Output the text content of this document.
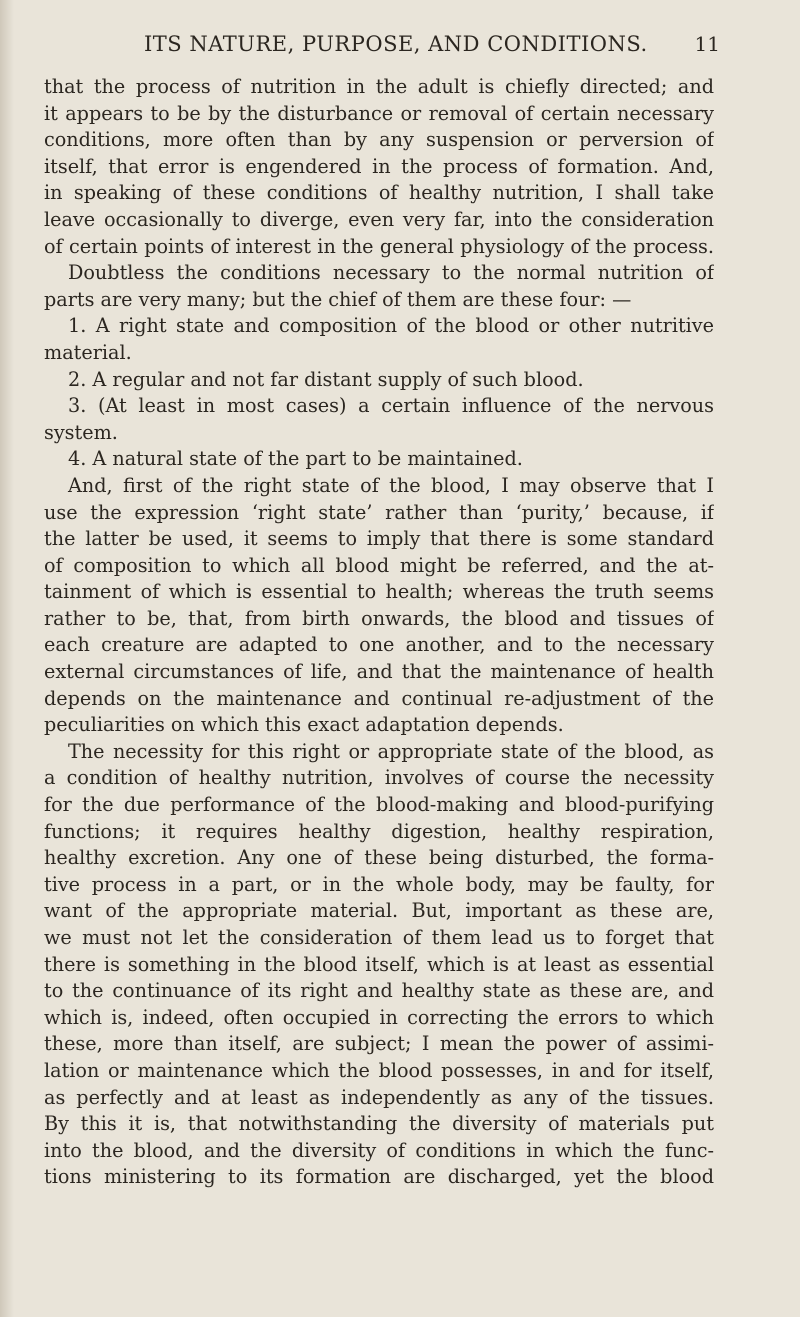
ITS NATURE, PURPOSE, AND CONDITIONS. 11
that the process of nutrition in the adult is chiefly directed; and
it appears to be by the disturbance or removal of certain necessary
conditions, more often than by any suspension or perversion of
itself, that error is engendered in the process of formation. And,
in speaking of these conditions of healthy nutrition, I shall take
leave occasionally to diverge, even very far, into the consideration
of certain points of interest in the general physiology of the process.
Doubtless the conditions necessary to the normal nutrition of
parts are very many; but the chief of them are these four: —
1. A right state and composition of the blood or other nutritive
material.
2. A regular and not far distant supply of such blood.
3. (At least in most cases) a certain influence of the nervous
system.
4. A natural state of the part to be maintained.
And, first of the right state of the blood, I may observe that I
use the expression ‘right state’ rather than ‘purity,’ because, if
the latter be used, it seems to imply that there is some standard
of composition to which all blood might be referred, and the at-
tainment of which is essential to health; whereas the truth seems
rather to be, that, from birth onwards, the blood and tissues of
each creature are adapted to one another, and to the necessary
external circumstances of life, and that the maintenance of health
depends on the maintenance and continual re-adjustment of the
peculiarities on which this exact adaptation depends.
The necessity for this right or appropriate state of the blood, as
a condition of healthy nutrition, involves of course the necessity
for the due performance of the blood-making and blood-purifying
functions; it requires healthy digestion, healthy respiration,
healthy excretion. Any one of these being disturbed, the forma-
tive process in a part, or in the whole body, may be faulty, for
want of the appropriate material. But, important as these are,
we must not let the consideration of them lead us to forget that
there is something in the blood itself, which is at least as essential
to the continuance of its right and healthy state as these are, and
which is, indeed, often occupied in correcting the errors to which
these, more than itself, are subject; I mean the power of assimi-
lation or maintenance which the blood possesses, in and for itself,
as perfectly and at least as independently as any of the tissues.
By this it is, that notwithstanding the diversity of materials put
into the blood, and the diversity of conditions in which the func-
tions ministering to its formation are discharged, yet the blood
